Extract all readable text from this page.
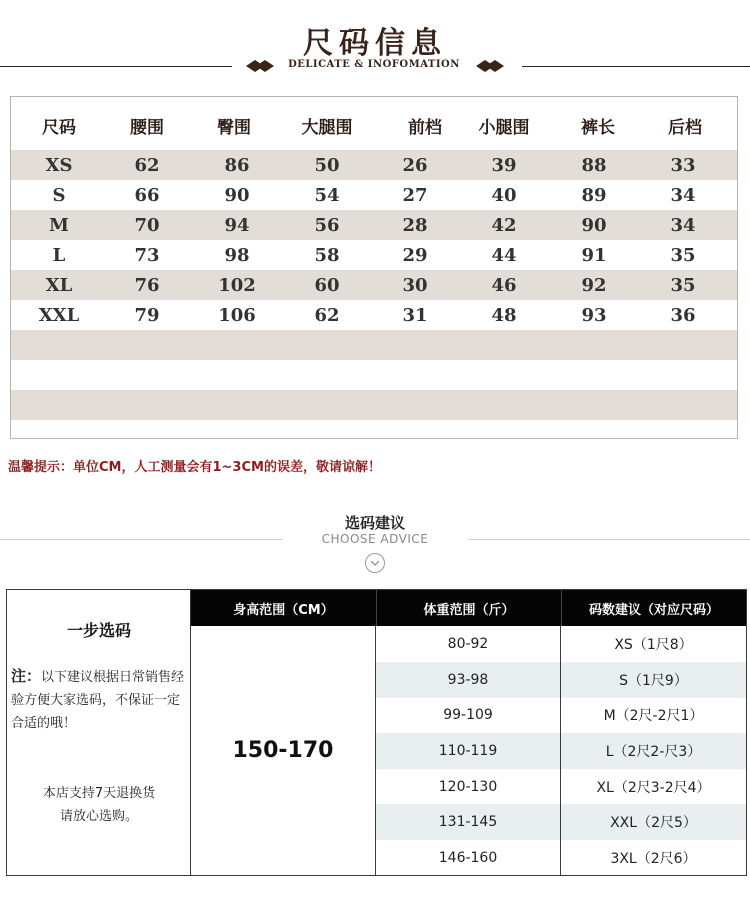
尺码信息
DELICATE & INOFOMATION
尺码	腰围	臀围	大腿围	前档 小腿围	裤长	后档
XS	62	86	50	26	39	88	33
S	66	90	54	27	40	89	34
M	70	94	56	28	42	90	34
L	73	98	58	29	44	91	35
XL	76	102	60	30	46	92	35
XXL	79	106	62	31	48	93	36
温馨提示：单位CM，人工测量会有1~3CM的误差，敬请谅解！
选码建议
CHOOSE ADVICE
一步选码
注：以下建议根据日常销售经验方便大家选码，不保证一定合适的哦！
本店支持7天退换货
请放心选购。
身高范围（CM）	体重范围（斤）	码数建议（对应尺码）
150-170
80-92	XS（1尺8）
93-98	S（1尺9）
99-109	M（2尺-2尺1）
110-119	L（2尺2-尺3）
120-130	XL（2尺3-2尺4）
131-145	XXL（2尺5）
146-160	3XL（2尺6）
